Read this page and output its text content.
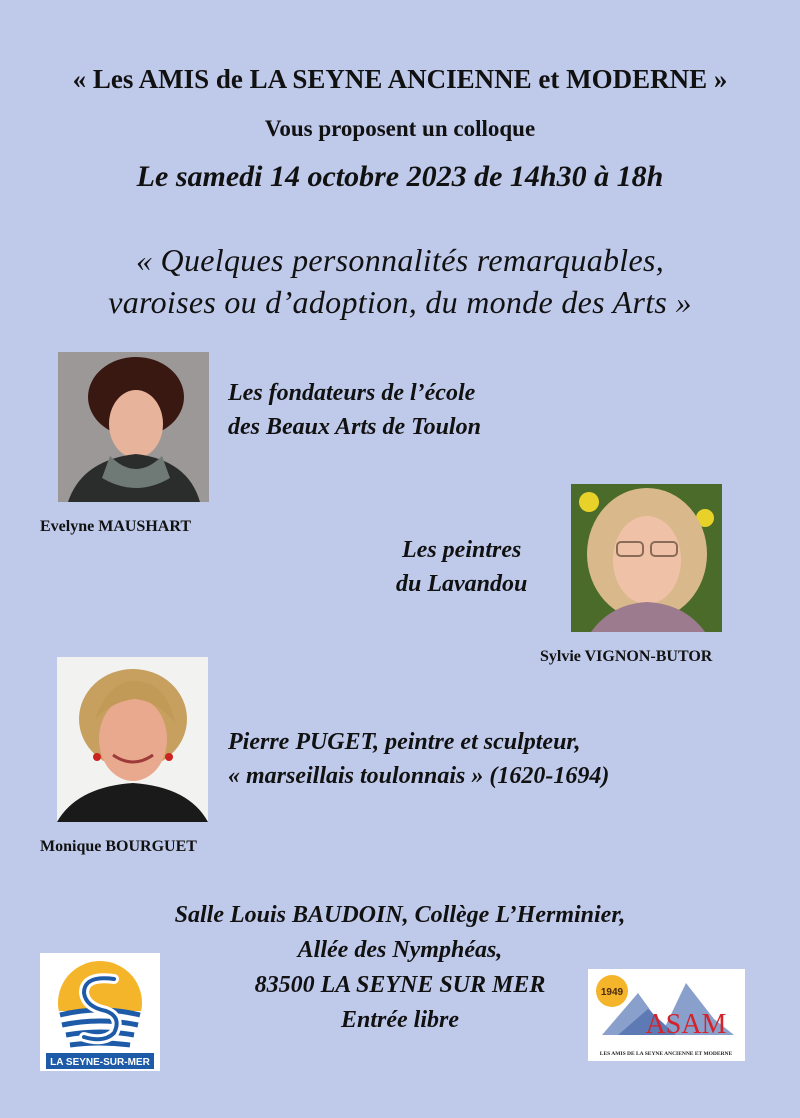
« Les AMIS de LA SEYNE ANCIENNE et MODERNE »
Vous proposent un colloque
Le samedi 14 octobre 2023 de 14h30 à 18h
« Quelques personnalités remarquables,
varoises ou d’adoption, du monde des Arts »
Evelyne MAUSHART
Les fondateurs de l’école
des Beaux Arts de Toulon
Les peintres
du Lavandou
Sylvie VIGNON-BUTOR
Pierre PUGET, peintre et sculpteur,
« marseillais toulonnais » (1620-1694)
Monique BOURGUET
Salle Louis BAUDOIN, Collège L’Herminier,
Allée des Nymphéas,
83500 LA SEYNE SUR MER
Entrée libre
LA SEYNE-SUR-MER
1949
ASAM
LES AMIS DE LA SEYNE ANCIENNE ET MODERNE
